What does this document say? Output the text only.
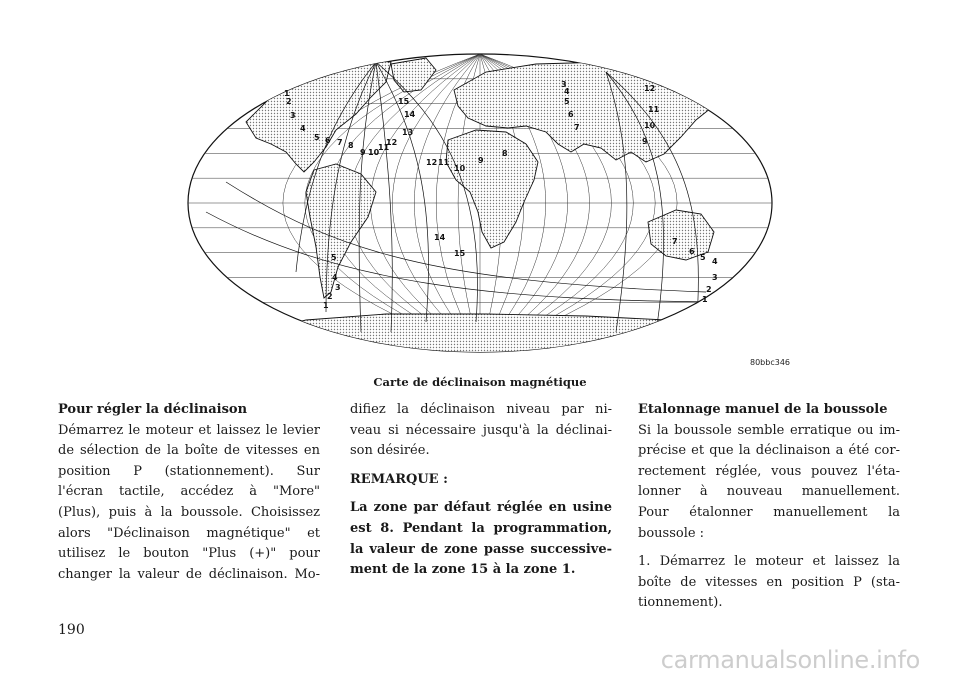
1
2
3
4
5 6 7 8
9 10
11
12
13
14
15
12 11
10
9
8
14
15
5
4
3
2
1
3
4
5
6
7
12
11
10
9
7
6
5 4
3
2
1
80bbc346
Carte de déclinaison magnétique

Pour régler la déclinaison

Démarrez le moteur et laissez le levier

de sélection de la boîte de vitesses en

position P (stationnement). Sur

l'écran tactile, accédez à "More"

(Plus), puis à la boussole. Choisissez

alors "Déclinaison magnétique" et

utilisez le bouton "Plus (+)" pour

changer la valeur de déclinaison. Mo-

difiez la déclinaison niveau par ni-

veau si nécessaire jusqu'à la déclinai-

son désirée.

REMARQUE :

La zone par défaut réglée en usine

est 8. Pendant la programmation,

la valeur de zone passe successive-

ment de la zone 15 à la zone 1.

Etalonnage manuel de la boussole

Si la boussole semble erratique ou im-

précise et que la déclinaison a été cor-

rectement réglée, vous pouvez l'éta-

lonner à nouveau manuellement.

Pour étalonner manuellement la

boussole :

1. Démarrez le moteur et laissez la

boîte de vitesses en position P (sta-

tionnement).

190
carmanualsonline.info
